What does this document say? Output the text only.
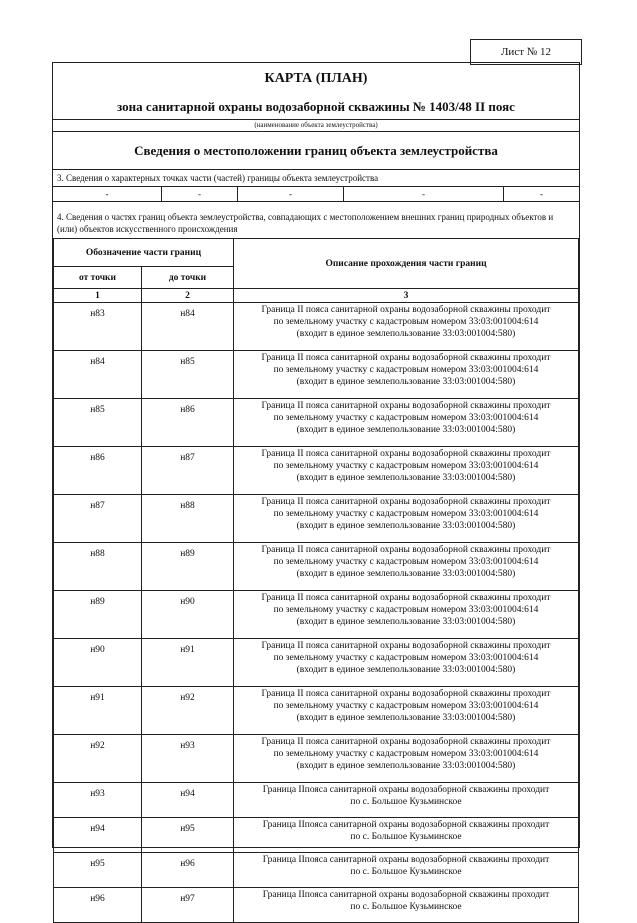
Лист № 12
КАРТА (ПЛАН)
зона санитарной охраны водозаборной скважины № 1403/48 II пояс
(наименование объекта землеустройства)
Сведения о местоположении границ объекта землеустройства
3. Сведения о характерных точках части (частей) границы объекта землеустройства
-	-	-	-	-
4. Сведения о частях границ объекта землеустройства, совпадающих с местоположением внешних границ природных объектов и (или) объектов искусственного происхождения
Обозначение части границ		Описание прохождения части границ
от точки	до точки	
1	2	3
н83	н84	Граница II пояса санитарной охраны водозаборной скважины проходит
по земельному участку с кадастровым номером 33:03:001004:614
(входит в единое землепользование 33:03:001004:580)

н84	н85	Граница II пояса санитарной охраны водозаборной скважины проходит
по земельному участку с кадастровым номером 33:03:001004:614
(входит в единое землепользование 33:03:001004:580)

н85	н86	Граница II пояса санитарной охраны водозаборной скважины проходит
по земельному участку с кадастровым номером 33:03:001004:614
(входит в единое землепользование 33:03:001004:580)

н86	н87	Граница II пояса санитарной охраны водозаборной скважины проходит
по земельному участку с кадастровым номером 33:03:001004:614
(входит в единое землепользование 33:03:001004:580)

н87	н88	Граница II пояса санитарной охраны водозаборной скважины проходит
по земельному участку с кадастровым номером 33:03:001004:614
(входит в единое землепользование 33:03:001004:580)

н88	н89	Граница II пояса санитарной охраны водозаборной скважины проходит
по земельному участку с кадастровым номером 33:03:001004:614
(входит в единое землепользование 33:03:001004:580)

н89	н90	Граница II пояса санитарной охраны водозаборной скважины проходит
по земельному участку с кадастровым номером 33:03:001004:614
(входит в единое землепользование 33:03:001004:580)

н90	н91	Граница II пояса санитарной охраны водозаборной скважины проходит
по земельному участку с кадастровым номером 33:03:001004:614
(входит в единое землепользование 33:03:001004:580)

н91	н92	Граница II пояса санитарной охраны водозаборной скважины проходит
по земельному участку с кадастровым номером 33:03:001004:614
(входит в единое землепользование 33:03:001004:580)

н92	н93	Граница II пояса санитарной охраны водозаборной скважины проходит
по земельному участку с кадастровым номером 33:03:001004:614
(входит в единое землепользование 33:03:001004:580)

н93	н94	Граница IIпояса санитарной охраны водозаборной скважины проходит
по с. Большое Кузьминское

н94	н95	Граница IIпояса санитарной охраны водозаборной скважины проходит
по с. Большое Кузьминское

н95	н96	Граница IIпояса санитарной охраны водозаборной скважины проходит
по с. Большое Кузьминское

н96	н97	Граница IIпояса санитарной охраны водозаборной скважины проходит
по с. Большое Кузьминское
